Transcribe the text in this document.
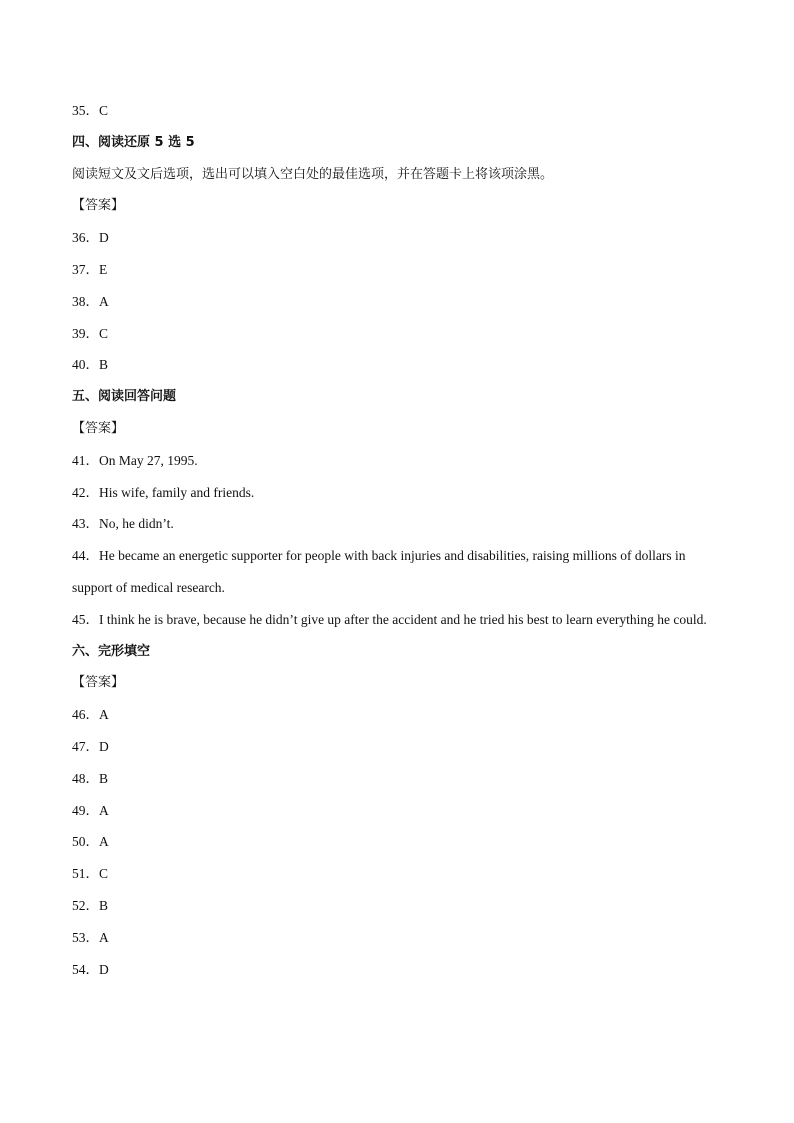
35．C
四、阅读还原 5 选 5
阅读短文及文后选项，选出可以填入空白处的最佳选项，并在答题卡上将该项涂黑。
【答案】
36．D
37．E
38．A
39．C
40．B
五、阅读回答问题
【答案】
41．On May 27, 1995.
42．His wife, family and friends.
43．No, he didn’t.
44．He became an energetic supporter for people with back injuries and disabilities, raising millions of dollars in support of medical research.
45．I think he is brave, because he didn’t give up after the accident and he tried his best to learn everything he could.
六、完形填空
【答案】
46．A
47．D
48．B
49．A
50．A
51．C
52．B
53．A
54．D
